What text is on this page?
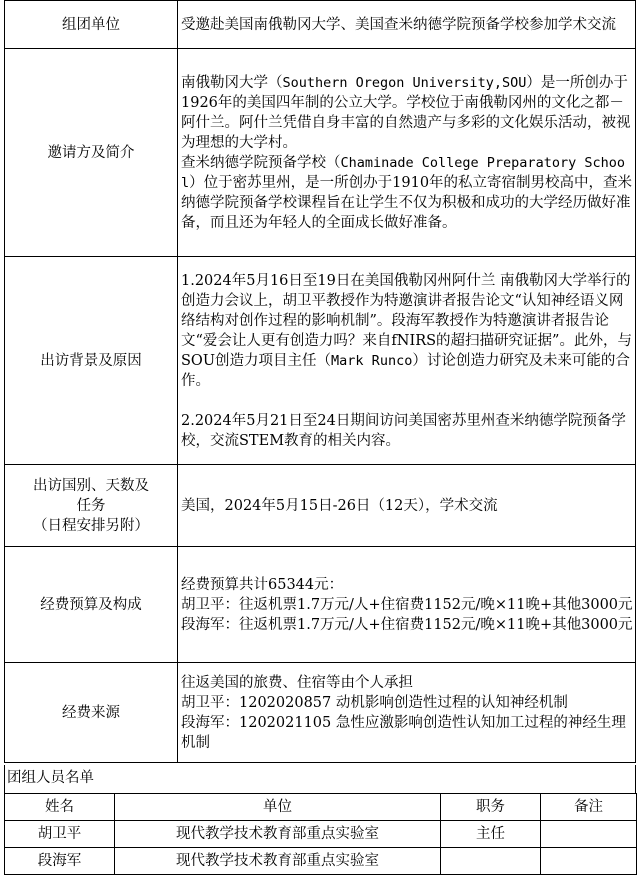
组团单位	受邀赴美国南俄勒冈大学、美国查米纳德学院预备学校参加学术交流
邀请方及简介	南俄勒冈大学（Southern Oregon University,SOU）是一所创办于1926年的美国四年制的公立大学。学校位于南俄勒冈州的文化之都－阿什兰。阿什兰凭借自身丰富的自然遗产与多彩的文化娱乐活动，被视为理想的大学村。
查米纳德学院预备学校（Chaminade College Preparatory School）位于密苏里州，是一所创办于1910年的私立寄宿制男校高中，查米纳德学院预备学校课程旨在让学生不仅为积极和成功的大学经历做好准备，而且还为年轻人的全面成长做好准备。

出访背景及原因	1.2024年5月16日至19日在美国俄勒冈州阿什兰 南俄勒冈大学举行的创造力会议上，胡卫平教授作为特邀演讲者报告论文“认知神经语义网络结构对创作过程的影响机制”。段海军教授作为特邀演讲者报告论文“爱会让人更有创造力吗？来自fNIRS的超扫描研究证据”。此外，与SOU创造力项目主任（Mark Runco）讨论创造力研究及未来可能的合作。
2.2024年5月21日至24日期间访问美国密苏里州查米纳德学院预备学校，交流STEM教育的相关内容。

出访国别、天数及
任务
（日程安排另附）	美国，2024年5月15日-26日（12天），学术交流
经费预算及构成	经费预算共计65344元：
胡卫平：往返机票1.7万元/人+住宿费1152元/晚×11晚+其他3000元
段海军：往返机票1.7万元/人+住宿费1152元/晚×11晚+其他3000元

经费来源	往返美国的旅费、住宿等由个人承担
胡卫平：1202020857 动机影响创造性过程的认知神经机制
段海军：1202021105 急性应激影响创造性认知加工过程的神经生理机制
团组人员名单
姓名	单位	职务	备注
胡卫平	现代教学技术教育部重点实验室	主任	
段海军	现代教学技术教育部重点实验室		
